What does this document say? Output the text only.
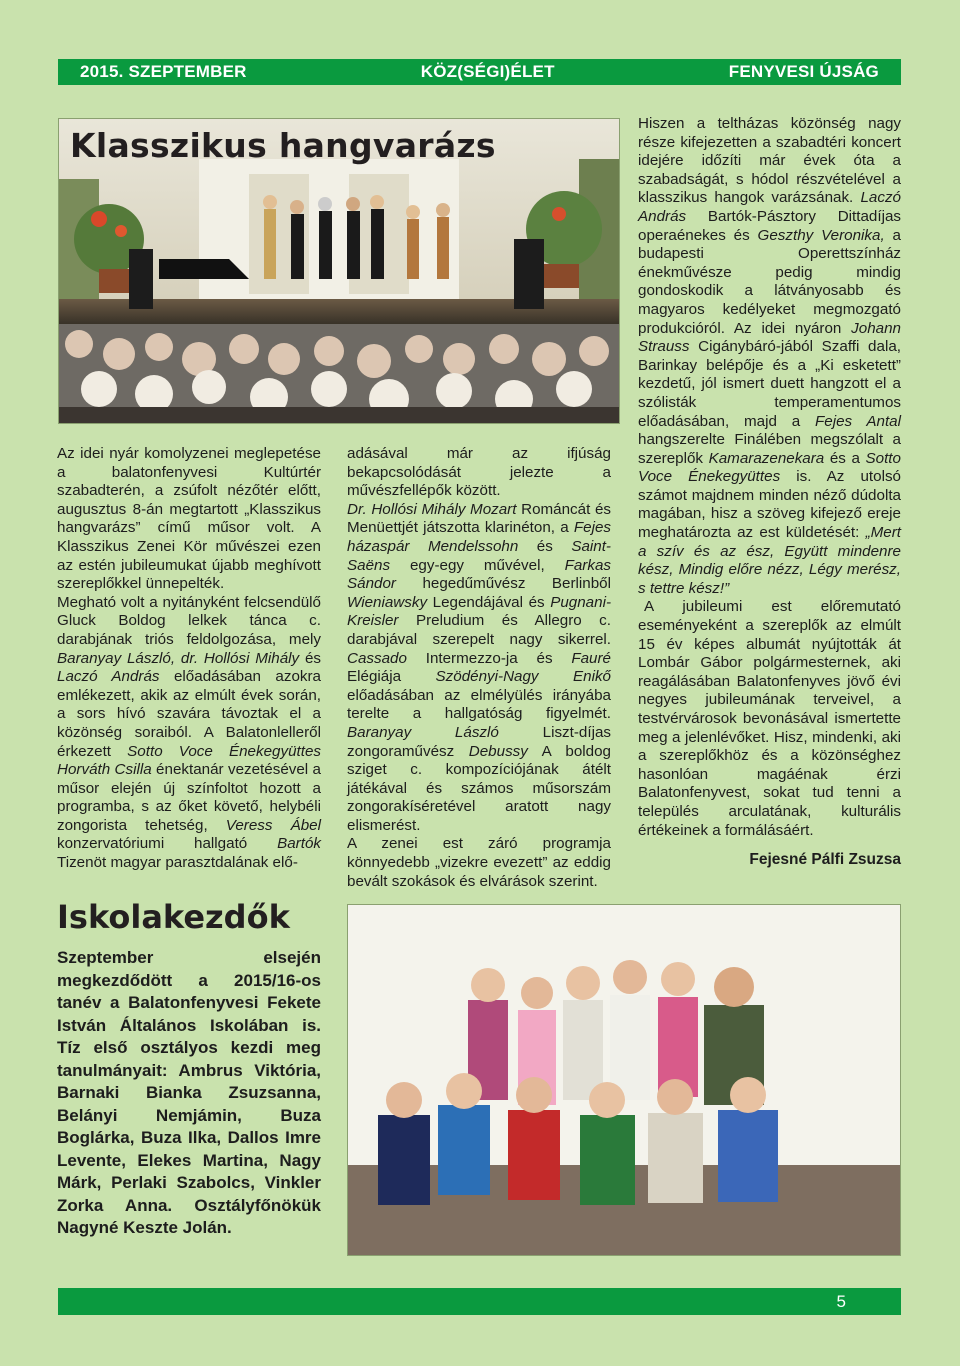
2015. SZEPTEMBER	KÖZ(SÉGI)ÉLET	FENYVESI ÚJSÁG
Klasszikus hangvarázs

Az idei nyár komolyzenei meglepetése a balatonfenyvesi Kultúrtér szabadterén, a zsúfolt nézőtér előtt, augusztus 8-án megtartott „Klasszikus hangvarázs” című műsor volt. A Klasszikus Zenei Kör művészei ezen az estén jubileumukat újabb meghívott szereplőkkel ünnepelték.

Megható volt a nyitányként felcsendülő Gluck Boldog lelkek tánca c. darabjának triós feldolgozása, mely Baranyay László, dr. Hollósi Mihály és Laczó András előadásában azokra emlékezett, akik az elmúlt évek során, a sors hívó szavára távoztak el a közönség soraiból. A Balatonlelleről érkezett Sotto Voce Énekegyüttes Horváth Csilla énektanár vezetésével a műsor elején új színfoltot hozott a programba, s az őket követő, helybéli zongorista tehetség, Veress Ábel konzervatóriumi hallgató Bartók Tizenöt magyar parasztdalának elő-

adásával már az ifjúság bekapcsolódását jelezte a művészfellépők között.

Dr. Hollósi Mihály Mozart Románcát és Menüettjét játszotta klarinéton, a Fejes házaspár Mendelssohn és Saint-Saëns egy-egy művével, Farkas Sándor hegedűművész Berlinből Wieniawsky Legendájával és Pugnani-Kreisler Preludium és Allegro c. darabjával szerepelt nagy sikerrel. Cassado Intermezzo-ja és Fauré Elégiája Szödényi-Nagy Enikő előadásában az elmélyülés irányába terelte a hallgatóság figyelmét. Baranyay László Liszt-díjas zongoraművész Debussy A boldog sziget c. kompozíciójának átélt játékával és számos műsorszám zongorakíséretével aratott nagy elismerést.

A zenei est záró programja könnyedebb „vizekre evezett” az eddig bevált szokások és elvárások szerint.

Hiszen a teltházas közönség nagy része kifejezetten a szabadtéri koncert idejére időzíti már évek óta a szabadságát, s hódol részvételével a klasszikus hangok varázsának. Laczó András Bartók-Pásztory Dittadíjas operaénekes és Geszthy Veronika, a budapesti Operettszínház énekművésze pedig mindig gondoskodik a látványosabb és magyaros kedélyeket megmozgató produkcióról. Az idei nyáron Johann Strauss Cigánybáró-jából Szaffi dala, Barinkay belépője és a „Ki esketett” kezdetű, jól ismert duett hangzott el a szólisták temperamentumos előadásában, majd a Fejes Antal hangszerelte Finálében megszólalt a szereplők Kamarazenekara és a Sotto Voce Énekegyüttes is. Az utolsó számot majdnem minden néző dúdolta magában, hisz a szöveg kifejező ereje meghatározta az est küldetését: „Mert a szív és az ész, Együtt mindenre kész, Mindig előre nézz, Légy merész, s tettre kész!”

A jubileumi est előremutató eseményeként a szereplők az elmúlt 15 év képes albumát nyújtották át Lombár Gábor polgármesternek, aki reagálásában Balatonfenyves jövő évi negyes jubileumának terveivel, a testvérvárosok bevonásával ismertette meg a jelenlévőket. Hisz, mindenki, aki a szereplőkhöz és a közönséghez hasonlóan magáénak érzi Balatonfenyvest, sokat tud tenni a település arculatának, kulturális értékeinek a formálásáért.

Fejesné Pálfi Zsuzsa
Iskolakezdők
Szeptember elsején megkezdődött a 2015/16-os tanév a Balatonfenyvesi Fekete István Általános Iskolában is. Tíz első osztályos kezdi meg tanulmányait: Ambrus Viktória, Barnaki Bianka Zsuzsanna, Belányi Nemjámin, Buza Boglárka, Buza Ilka, Dallos Imre Levente, Elekes Martina, Nagy Márk, Perlaki Szabolcs, Vinkler Zorka Anna. Osztályfőnökük Nagyné Keszte Jolán.
5
